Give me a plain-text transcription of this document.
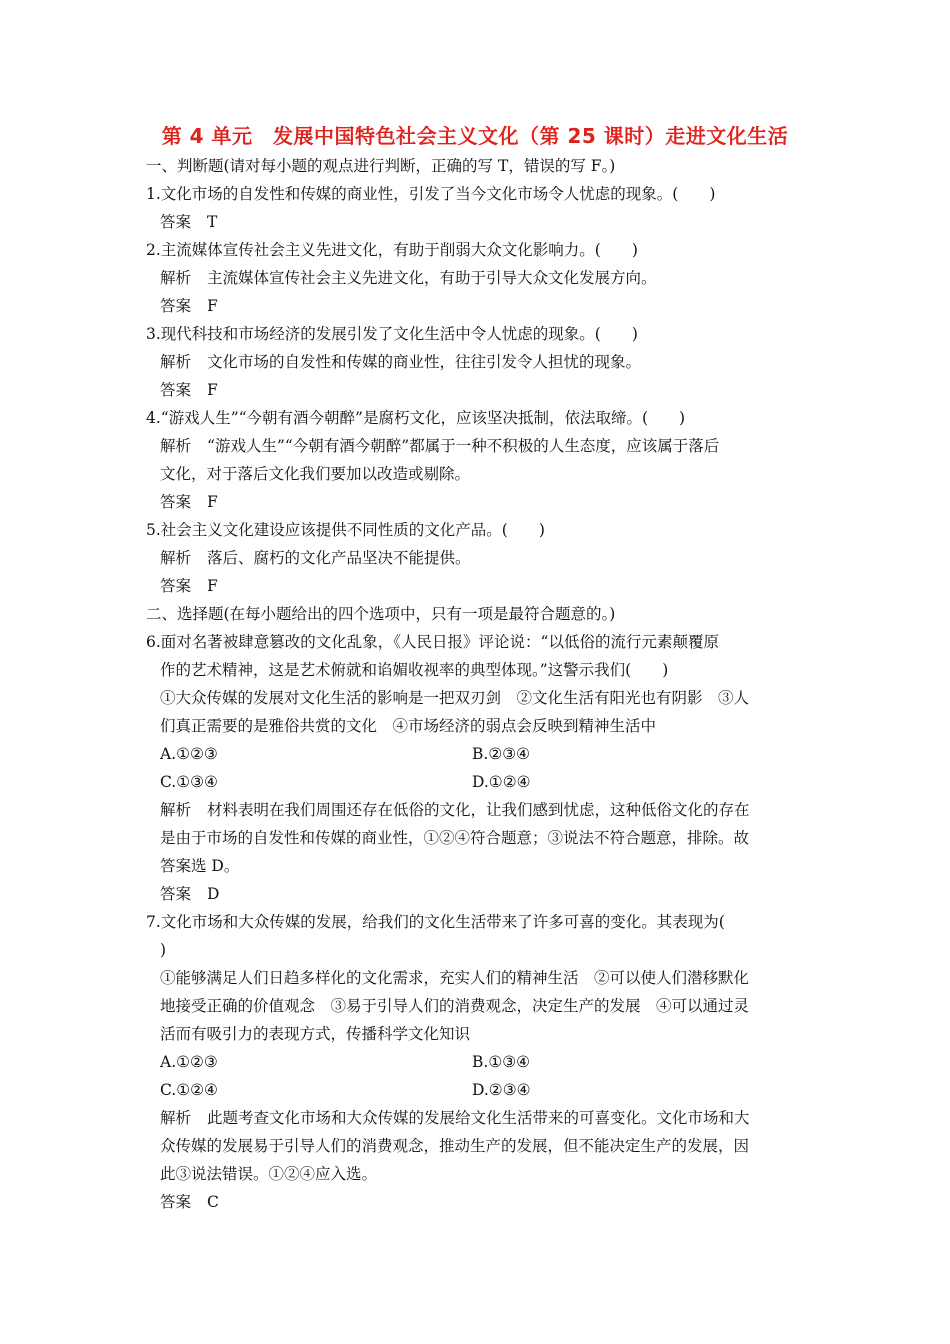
第 4 单元　发展中国特色社会主义文化（第 25 课时）走进文化生活
一、判断题(请对每小题的观点进行判断，正确的写 T，错误的写 F。)
1.文化市场的自发性和传媒的商业性，引发了当今文化市场令人忧虑的现象。(　　)
答案 T
2.主流媒体宣传社会主义先进文化，有助于削弱大众文化影响力。(　　)
解析 主流媒体宣传社会主义先进文化，有助于引导大众文化发展方向。
答案 F
3.现代科技和市场经济的发展引发了文化生活中令人忧虑的现象。(　　)
解析 文化市场的自发性和传媒的商业性，往往引发令人担忧的现象。
答案 F
4.“游戏人生”“今朝有酒今朝醉”是腐朽文化，应该坚决抵制，依法取缔。(　　)
解析 “游戏人生”“今朝有酒今朝醉”都属于一种不积极的人生态度，应该属于落后
文化，对于落后文化我们要加以改造或剔除。
答案 F
5.社会主义文化建设应该提供不同性质的文化产品。(　　)
解析 落后、腐朽的文化产品坚决不能提供。
答案 F
二、选择题(在每小题给出的四个选项中，只有一项是最符合题意的。)
6.面对名著被肆意篡改的文化乱象，《人民日报》评论说：“以低俗的流行元素颠覆原
作的艺术精神，这是艺术俯就和谄媚收视率的典型体现。”这警示我们(　　)
①大众传媒的发展对文化生活的影响是一把双刃剑　②文化生活有阳光也有阴影　③人
们真正需要的是雅俗共赏的文化　④市场经济的弱点会反映到精神生活中
A.①②③	B.②③④
C.①③④	D.①②④
解析 材料表明在我们周围还存在低俗的文化，让我们感到忧虑，这种低俗文化的存在
是由于市场的自发性和传媒的商业性，①②④符合题意；③说法不符合题意，排除。故
答案选 D。
答案 D
7.文化市场和大众传媒的发展，给我们的文化生活带来了许多可喜的变化。其表现为(
)
①能够满足人们日趋多样化的文化需求，充实人们的精神生活　②可以使人们潜移默化
地接受正确的价值观念　③易于引导人们的消费观念，决定生产的发展　④可以通过灵
活而有吸引力的表现方式，传播科学文化知识
A.①②③	B.①③④
C.①②④	D.②③④
解析 此题考查文化市场和大众传媒的发展给文化生活带来的可喜变化。文化市场和大
众传媒的发展易于引导人们的消费观念，推动生产的发展，但不能决定生产的发展，因
此③说法错误。①②④应入选。
答案 C
